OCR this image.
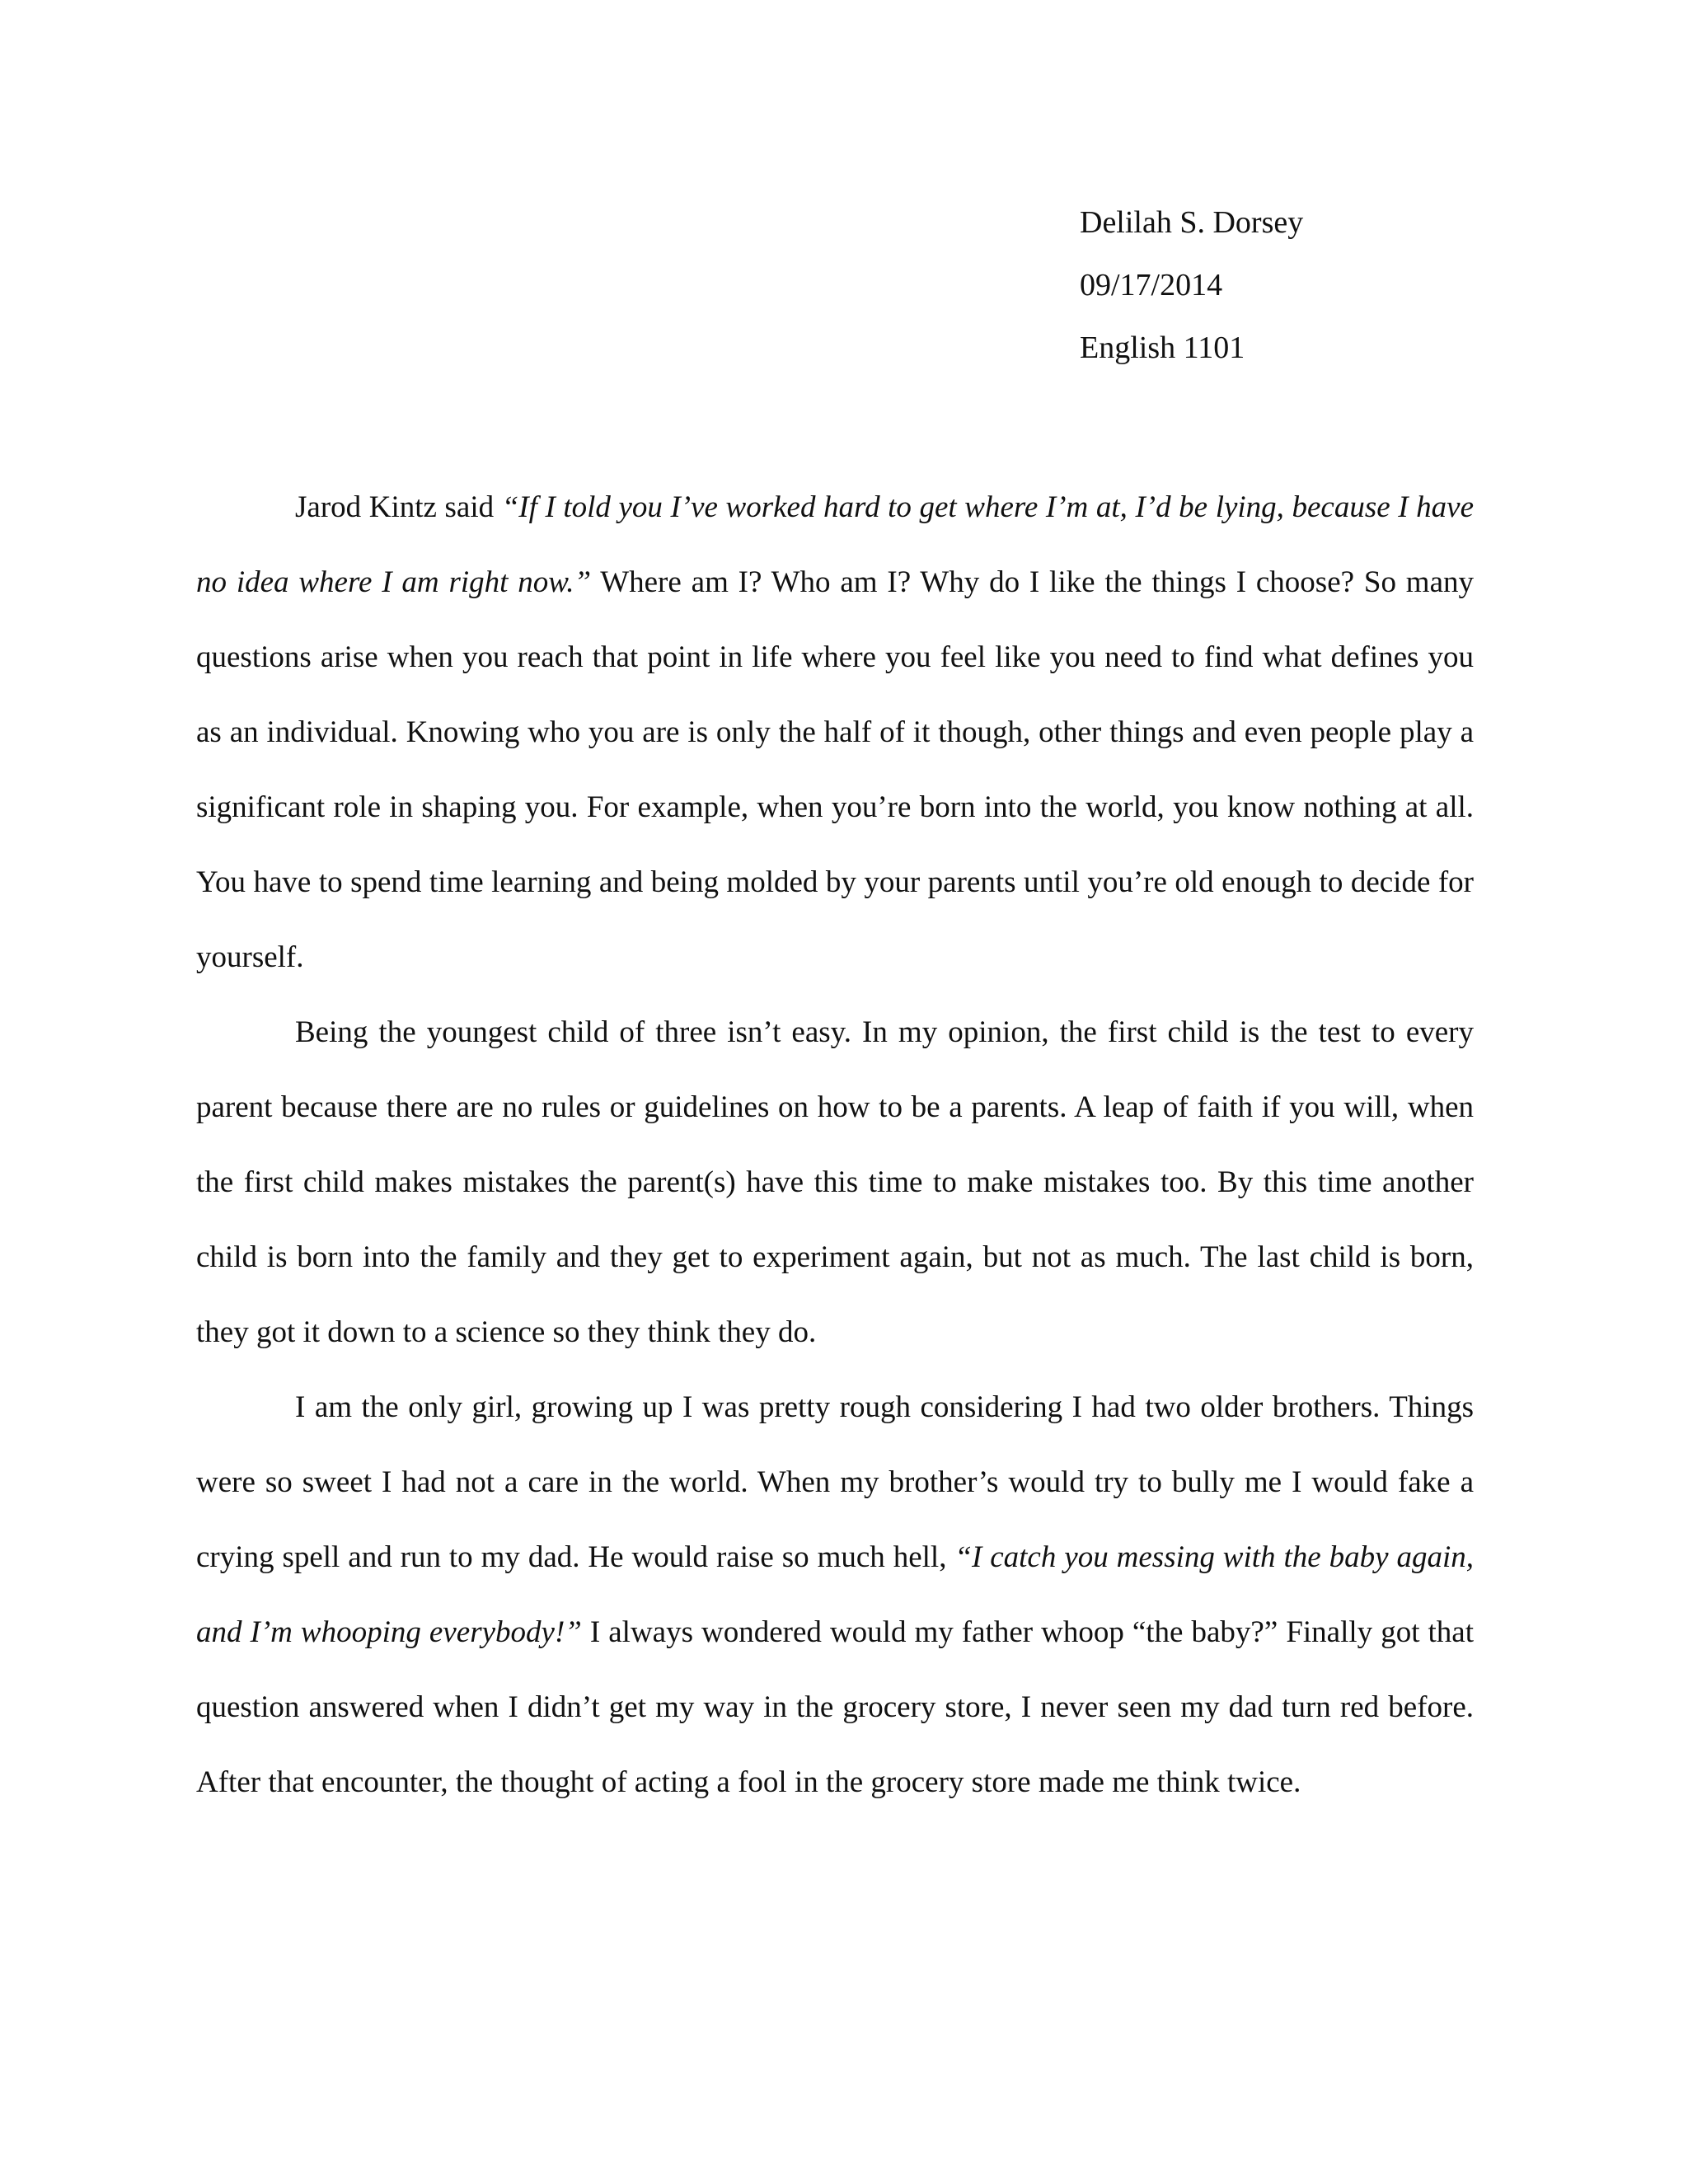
Delilah S. Dorsey
09/17/2014
English 1101

Jarod Kintz said “If I told you I’ve worked hard to get where I’m at, I’d be lying, because I have no idea where I am right now.” Where am I? Who am I? Why do I like the things I choose? So many questions arise when you reach that point in life where you feel like you need to find what defines you as an individual. Knowing who you are is only the half of it though, other things and even people play a significant role in shaping you. For example, when you’re born into the world, you know nothing at all. You have to spend time learning and being molded by your parents until you’re old enough to decide for yourself.

Being the youngest child of three isn’t easy. In my opinion, the first child is the test to every parent because there are no rules or guidelines on how to be a parents. A leap of faith if you will, when the first child makes mistakes the parent(s) have this time to make mistakes too. By this time another child is born into the family and they get to experiment again, but not as much. The last child is born, they got it down to a science so they think they do.

I am the only girl, growing up I was pretty rough considering I had two older brothers. Things were so sweet I had not a care in the world. When my brother’s would try to bully me I would fake a crying spell and run to my dad. He would raise so much hell, “I catch you messing with the baby again, and I’m whooping everybody!” I always wondered would my father whoop “the baby?” Finally got that question answered when I didn’t get my way in the grocery store, I never seen my dad turn red before. After that encounter, the thought of acting a fool in the grocery store made me think twice.
